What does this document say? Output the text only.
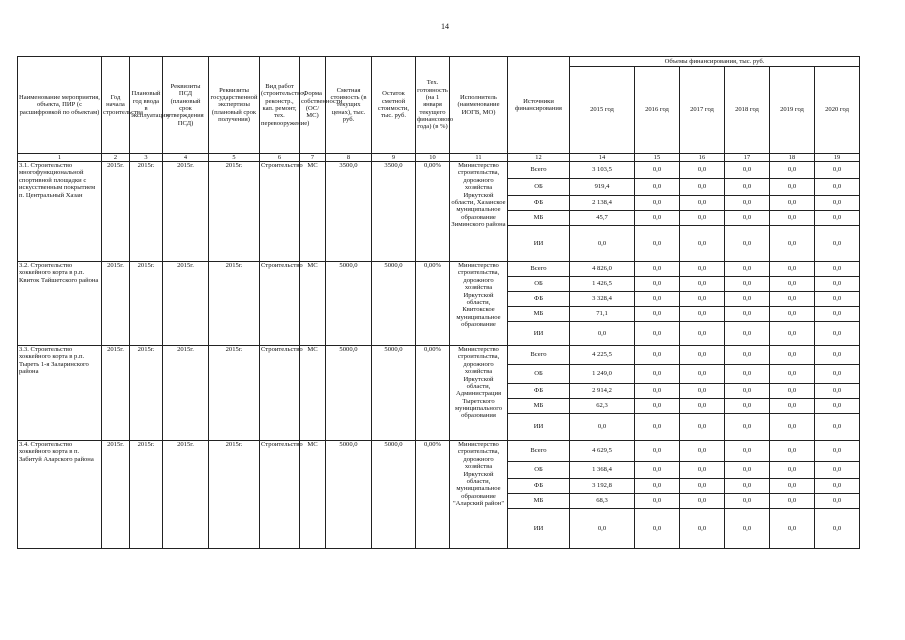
14
Наименование мероприятия, объекта, ПИР (с расшифровкой по объектам)	Год начала строительства	Плановый год ввода в эксплуатацию	Реквизиты ПСД (плановый срок утверждения ПСД)	Реквизиты государственной экспертизы (плановый срок получения)	Вид работ (строительство, реконстр., кап. ремонт, тех. перевооружение)	Форма собственности (ОС/МС)	Сметная стоимость (в текущих ценах), тыс. руб.	Остаток сметной стоимости, тыс. руб.	Тех. готовность (на 1 января текущего финансового года) (в %)	Исполнитель (наименование ИОГВ, МО)	Источники финансирования	Объемы финансирования, тыс. руб.					
												2015 год	2016 год	2017 год	2018 год	2019 год	2020 год
1	2	3	4	5	6	7	8	9	10	11	12	14	15	16	17	18	19
3.1. Строительство многофункциональной спортивной площадки с искусственным покрытием п. Центральный Хазан	2015г.	2015г.	2015г.	2015г.	Строительство	МС	3500,0	3500,0	0,00%	Министерство строительства, дорожного хозяйства Иркутской области, Хазанское муниципальное образование Зиминского района	Всего	3 103,5	0,0	0,0	0,0	0,0	0,0
											ОБ	919,4	0,0	0,0	0,0	0,0	0,0
											ФБ	2 138,4	0,0	0,0	0,0	0,0	0,0
											МБ	45,7	0,0	0,0	0,0	0,0	0,0
											ИИ	0,0	0,0	0,0	0,0	0,0	0,0
3.2. Строительство хоккейного корта в р.п. Квиток Тайшетского района	2015г.	2015г.	2015г.	2015г.	Строительство	МС	5000,0	5000,0	0,00%	Министерство строительства, дорожного хозяйства Иркутской области, Квитокское муниципальное образование	Всего	4 826,0	0,0	0,0	0,0	0,0	0,0
											ОБ	1 426,5	0,0	0,0	0,0	0,0	0,0
											ФБ	3 328,4	0,0	0,0	0,0	0,0	0,0
											МБ	71,1	0,0	0,0	0,0	0,0	0,0
											ИИ	0,0	0,0	0,0	0,0	0,0	0,0
3.3. Строительство хоккейного корта в р.п. Тыреть 1-я Заларинского района	2015г.	2015г.	2015г.	2015г.	Строительство	МС	5000,0	5000,0	0,00%	Министерство строительства, дорожного хозяйства Иркутской области, Администрация Тыретского муниципального образования	Всего	4 225,5	0,0	0,0	0,0	0,0	0,0
											ОБ	1 249,0	0,0	0,0	0,0	0,0	0,0
											ФБ	2 914,2	0,0	0,0	0,0	0,0	0,0
											МБ	62,3	0,0	0,0	0,0	0,0	0,0
											ИИ	0,0	0,0	0,0	0,0	0,0	0,0
3.4. Строительство хоккейного корта в п. Забитуй Аларского района	2015г.	2015г.	2015г.	2015г.	Строительство	МС	5000,0	5000,0	0,00%	Министерство строительства, дорожного хозяйства Иркутской области, муниципальное образование "Аларский район"	Всего	4 629,5	0,0	0,0	0,0	0,0	0,0
											ОБ	1 368,4	0,0	0,0	0,0	0,0	0,0
											ФБ	3 192,8	0,0	0,0	0,0	0,0	0,0
											МБ	68,3	0,0	0,0	0,0	0,0	0,0
											ИИ	0,0	0,0	0,0	0,0	0,0	0,0
